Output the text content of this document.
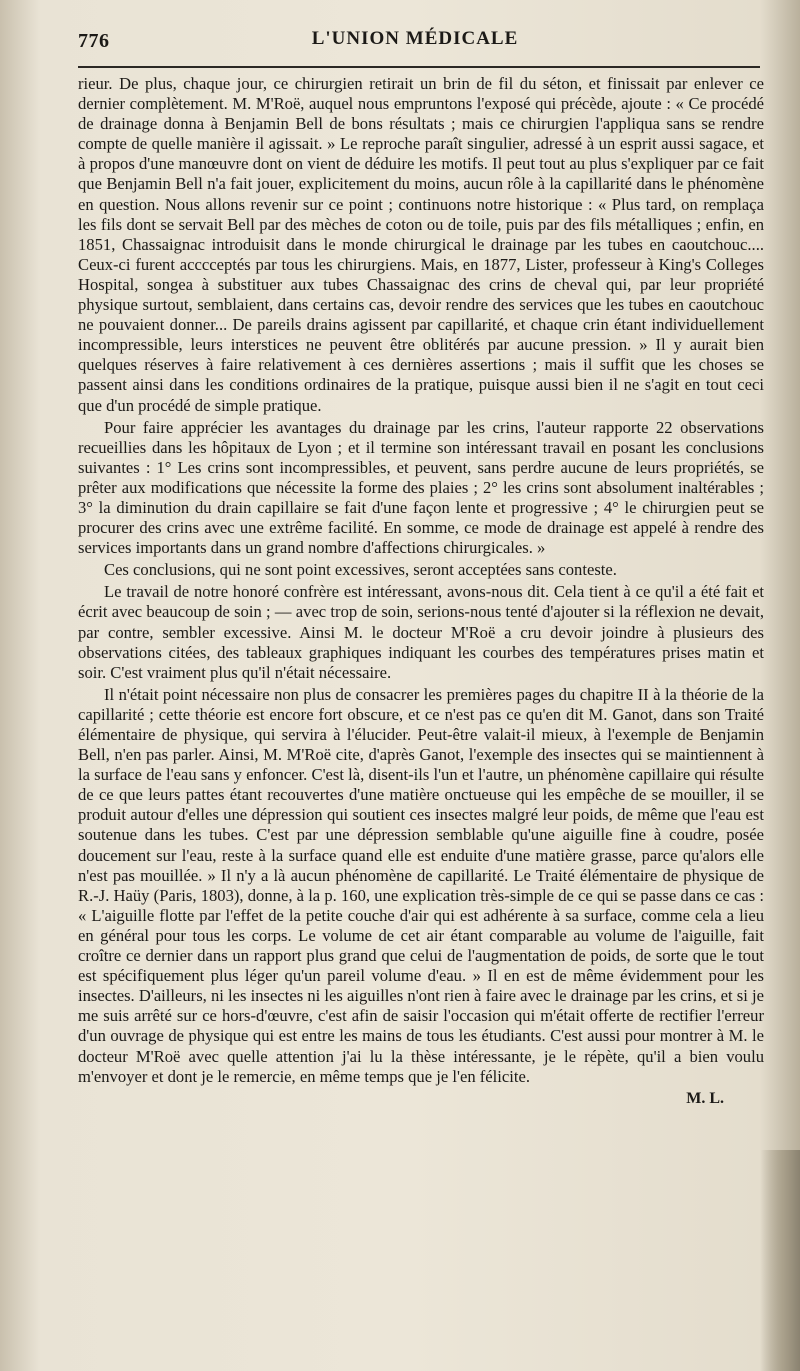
776	L'UNION MÉDICALE

rieur. De plus, chaque jour, ce chirurgien retirait un brin de fil du séton, et finissait par enlever ce dernier complètement. M. M'Roë, auquel nous empruntons l'exposé qui précède, ajoute : « Ce procédé de drainage donna à Benjamin Bell de bons résultats ; mais ce chirurgien l'appliqua sans se rendre compte de quelle manière il agissait. » Le reproche paraît singulier, adressé à un esprit aussi sagace, et à propos d'une manœuvre dont on vient de déduire les motifs. Il peut tout au plus s'expliquer par ce fait que Benjamin Bell n'a fait jouer, explicitement du moins, aucun rôle à la capillarité dans le phénomène en question. Nous allons revenir sur ce point ; continuons notre historique : « Plus tard, on remplaça les fils dont se servait Bell par des mèches de coton ou de toile, puis par des fils métalliques ; enfin, en 1851, Chassaignac introduisit dans le monde chirurgical le drainage par les tubes en caoutchouc.... Ceux-ci furent acccceptés par tous les chirurgiens. Mais, en 1877, Lister, professeur à King's Colleges Hospital, songea à substituer aux tubes Chassaignac des crins de cheval qui, par leur propriété physique surtout, semblaient, dans certains cas, devoir rendre des services que les tubes en caoutchouc ne pouvaient donner... De pareils drains agissent par capillarité, et chaque crin étant individuellement incompressible, leurs interstices ne peuvent être oblitérés par aucune pression. » Il y aurait bien quelques réserves à faire relativement à ces dernières assertions ; mais il suffit que les choses se passent ainsi dans les conditions ordinaires de la pratique, puisque aussi bien il ne s'agit en tout ceci que d'un procédé de simple pratique.

Pour faire apprécier les avantages du drainage par les crins, l'auteur rapporte 22 observations recueillies dans les hôpitaux de Lyon ; et il termine son intéressant travail en posant les conclusions suivantes : 1° Les crins sont incompressibles, et peuvent, sans perdre aucune de leurs propriétés, se prêter aux modifications que nécessite la forme des plaies ; 2° les crins sont absolument inaltérables ; 3° la diminution du drain capillaire se fait d'une façon lente et progressive ; 4° le chirurgien peut se procurer des crins avec une extrême facilité. En somme, ce mode de drainage est appelé à rendre des services importants dans un grand nombre d'affections chirurgicales. »

Ces conclusions, qui ne sont point excessives, seront acceptées sans conteste.

Le travail de notre honoré confrère est intéressant, avons-nous dit. Cela tient à ce qu'il a été fait et écrit avec beaucoup de soin ; — avec trop de soin, serions-nous tenté d'ajouter si la réflexion ne devait, par contre, sembler excessive. Ainsi M. le docteur M'Roë a cru devoir joindre à plusieurs des observations citées, des tableaux graphiques indiquant les courbes des températures prises matin et soir. C'est vraiment plus qu'il n'était nécessaire.

Il n'était point nécessaire non plus de consacrer les premières pages du chapitre II à la théorie de la capillarité ; cette théorie est encore fort obscure, et ce n'est pas ce qu'en dit M. Ganot, dans son Traité élémentaire de physique, qui servira à l'élucider. Peut-être valait-il mieux, à l'exemple de Benjamin Bell, n'en pas parler. Ainsi, M. M'Roë cite, d'après Ganot, l'exemple des insectes qui se maintiennent à la surface de l'eau sans y enfoncer. C'est là, disent-ils l'un et l'autre, un phénomène capillaire qui résulte de ce que leurs pattes étant recouvertes d'une matière onctueuse qui les empêche de se mouiller, il se produit autour d'elles une dépression qui soutient ces insectes malgré leur poids, de même que l'eau est soutenue dans les tubes. C'est par une dépression semblable qu'une aiguille fine à coudre, posée doucement sur l'eau, reste à la surface quand elle est enduite d'une matière grasse, parce qu'alors elle n'est pas mouillée. » Il n'y a là aucun phénomène de capillarité. Le Traité élémentaire de physique de R.-J. Haüy (Paris, 1803), donne, à la p. 160, une explication très-simple de ce qui se passe dans ce cas : « L'aiguille flotte par l'effet de la petite couche d'air qui est adhérente à sa surface, comme cela a lieu en général pour tous les corps. Le volume de cet air étant comparable au volume de l'aiguille, fait croître ce dernier dans un rapport plus grand que celui de l'augmentation de poids, de sorte que le tout est spécifiquement plus léger qu'un pareil volume d'eau. » Il en est de même évidemment pour les insectes. D'ailleurs, ni les insectes ni les aiguilles n'ont rien à faire avec le drainage par les crins, et si je me suis arrêté sur ce hors-d'œuvre, c'est afin de saisir l'occasion qui m'était offerte de rectifier l'erreur d'un ouvrage de physique qui est entre les mains de tous les étudiants. C'est aussi pour montrer à M. le docteur M'Roë avec quelle attention j'ai lu la thèse intéressante, je le répète, qu'il a bien voulu m'envoyer et dont je le remercie, en même temps que je l'en félicite.

M. L.
